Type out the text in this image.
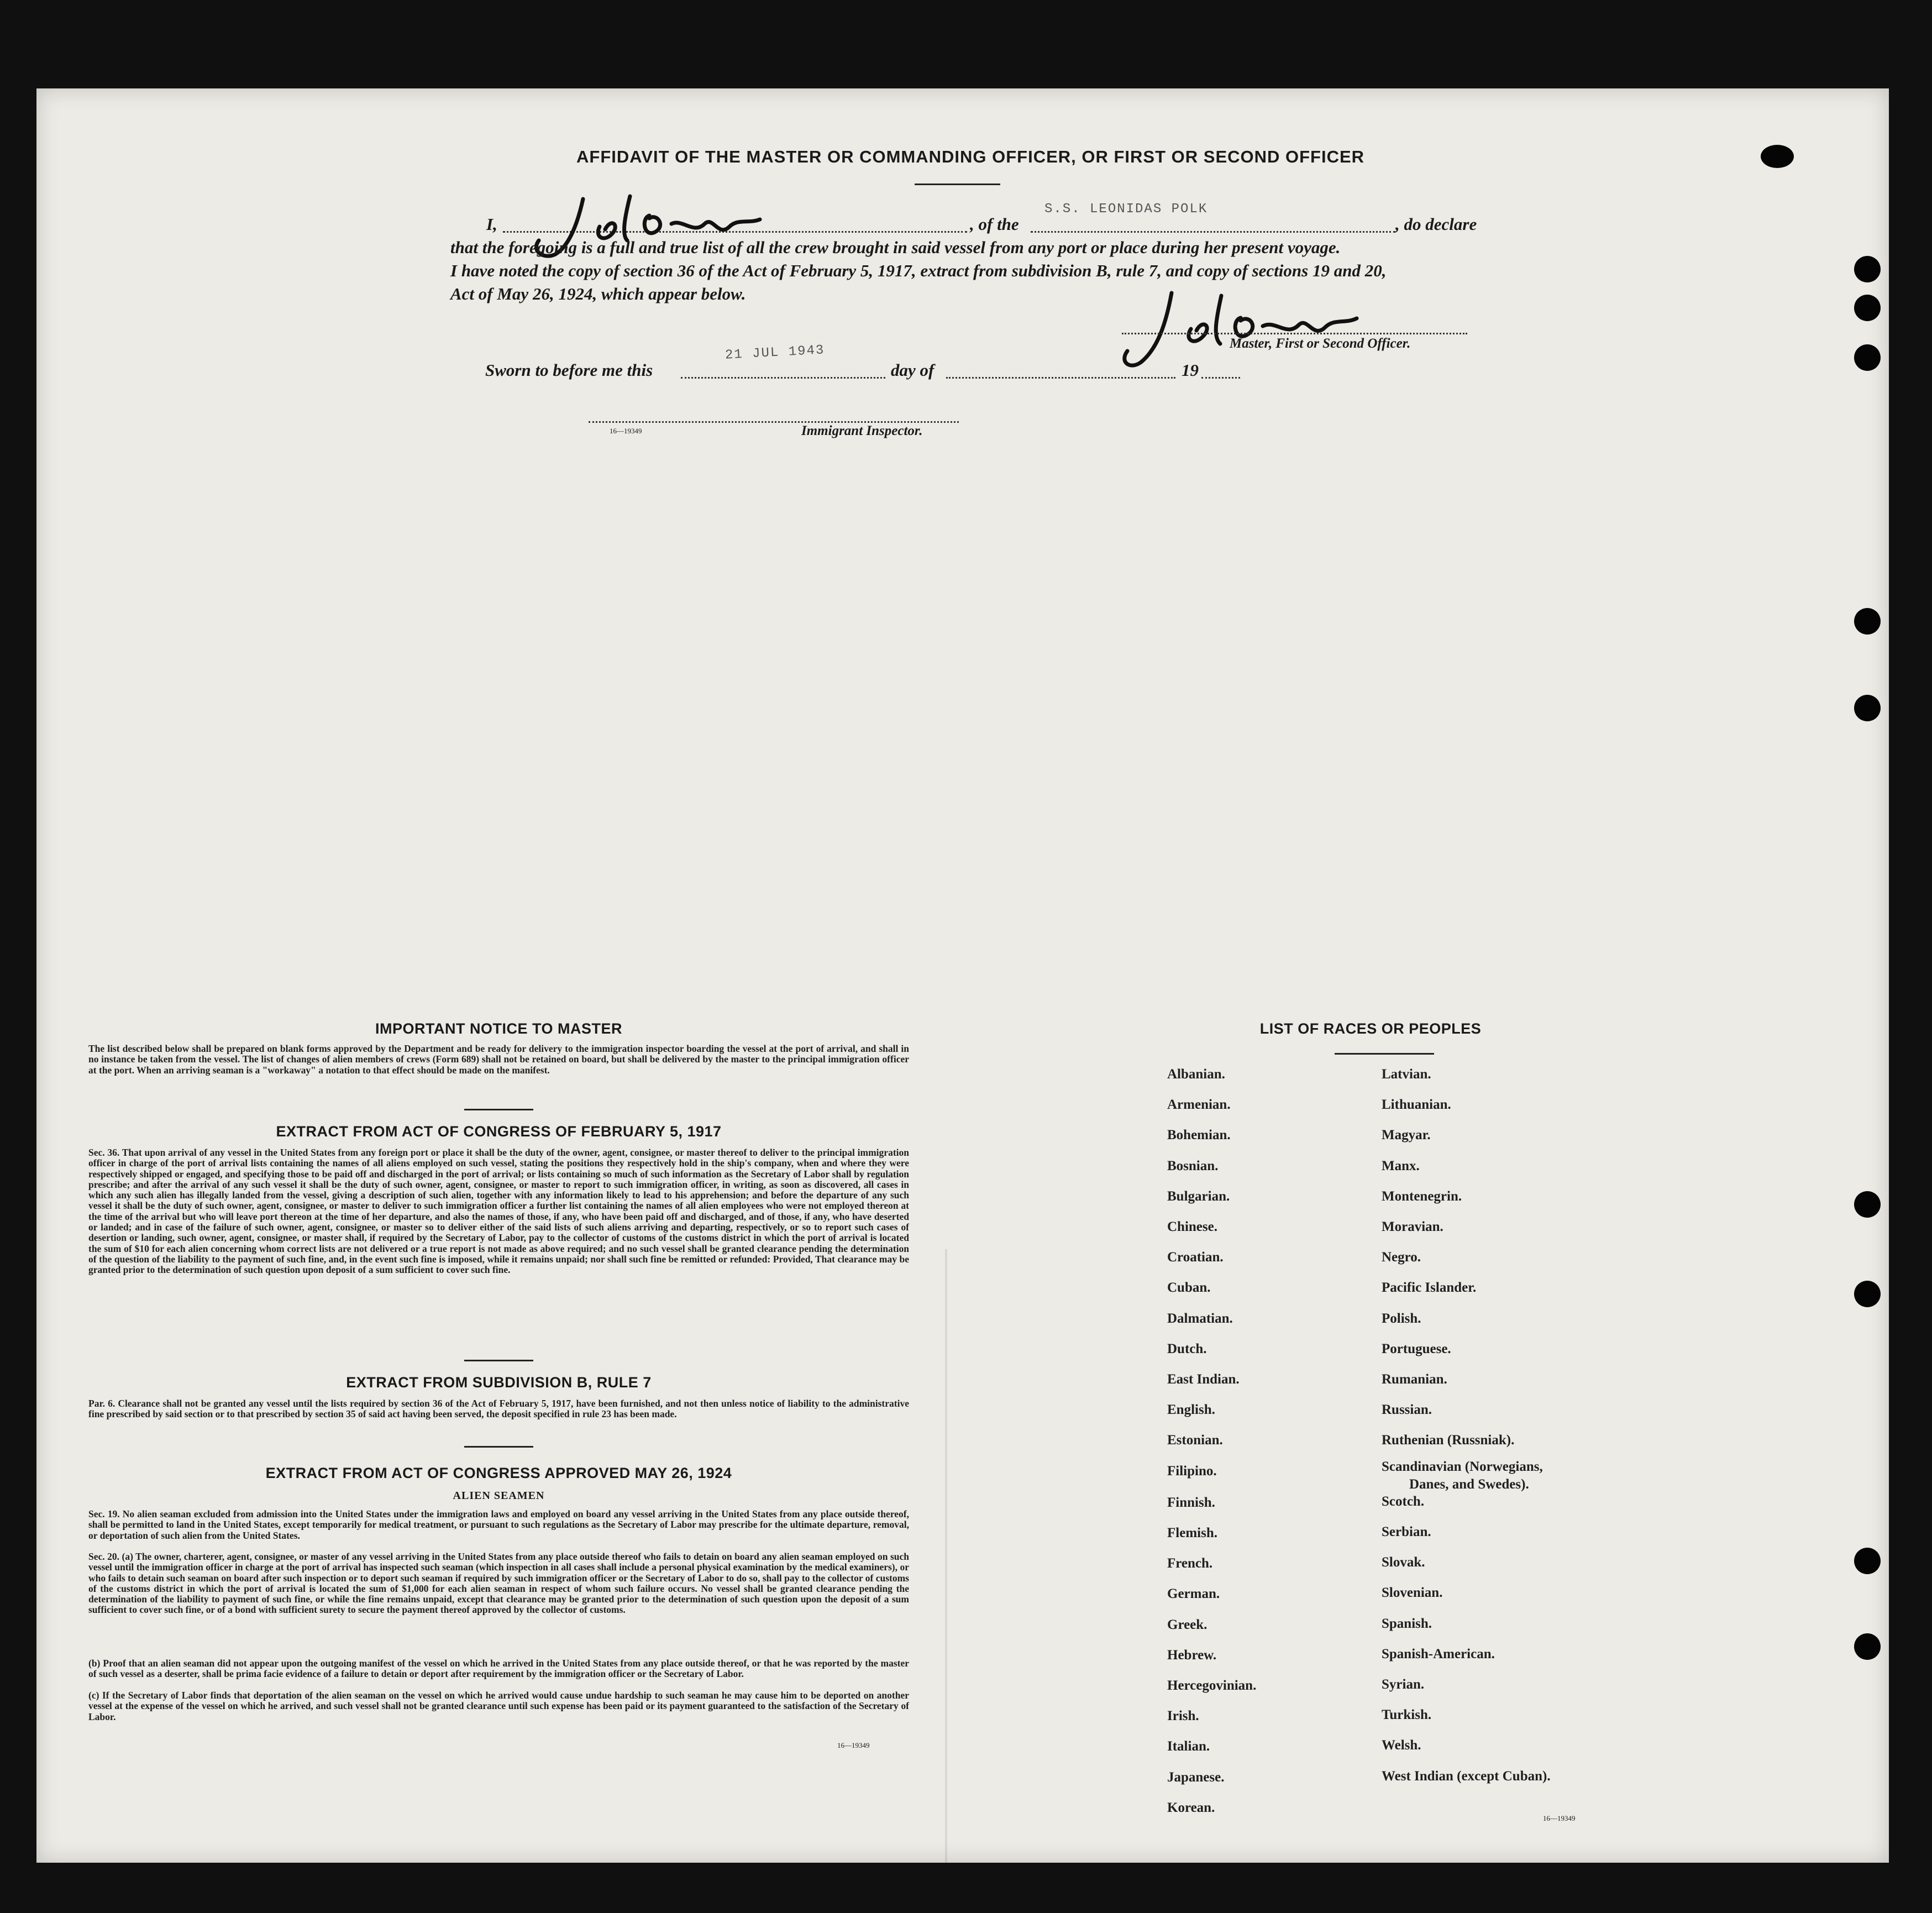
AFFIDAVIT OF THE MASTER OR COMMANDING OFFICER, OR FIRST OR SECOND OFFICER
I,	, of the
S.S. LEONIDAS POLK
, do declare
that the foregoing is a full and true list of all the crew brought in said vessel from any port or place during her present voyage.
I have noted the copy of section 36 of the Act of February 5, 1917, extract from subdivision B, rule 7, and copy of sections 19 and 20,
Act of May 26, 1924, which appear below.
Master, First or Second Officer.
Sworn to before me this
21 JUL 1943
day of	19
16—19349	Immigrant Inspector.
IMPORTANT NOTICE TO MASTER
The list described below shall be prepared on blank forms approved by the Department and be ready for delivery to the immigration inspector boarding the vessel at the port of arrival, and shall in no instance be taken from the vessel. The list of changes of alien members of crews (Form 689) shall not be retained on board, but shall be delivered by the master to the principal immigration officer at the port. When an arriving seaman is a "workaway" a notation to that effect should be made on the manifest.
EXTRACT FROM ACT OF CONGRESS OF FEBRUARY 5, 1917
Sec. 36. That upon arrival of any vessel in the United States from any foreign port or place it shall be the duty of the owner, agent, consignee, or master thereof to deliver to the principal immigration officer in charge of the port of arrival lists containing the names of all aliens employed on such vessel, stating the positions they respectively hold in the ship's company, when and where they were respectively shipped or engaged, and specifying those to be paid off and discharged in the port of arrival; or lists containing so much of such information as the Secretary of Labor shall by regulation prescribe; and after the arrival of any such vessel it shall be the duty of such owner, agent, consignee, or master to report to such immigration officer, in writing, as soon as discovered, all cases in which any such alien has illegally landed from the vessel, giving a description of such alien, together with any information likely to lead to his apprehension; and before the departure of any such vessel it shall be the duty of such owner, agent, consignee, or master to deliver to such immigration officer a further list containing the names of all alien employees who were not employed thereon at the time of the arrival but who will leave port thereon at the time of her departure, and also the names of those, if any, who have been paid off and discharged, and of those, if any, who have deserted or landed; and in case of the failure of such owner, agent, consignee, or master so to deliver either of the said lists of such aliens arriving and departing, respectively, or so to report such cases of desertion or landing, such owner, agent, consignee, or master shall, if required by the Secretary of Labor, pay to the collector of customs of the customs district in which the port of arrival is located the sum of $10 for each alien concerning whom correct lists are not delivered or a true report is not made as above required; and no such vessel shall be granted clearance pending the determination of the question of the liability to the payment of such fine, and, in the event such fine is imposed, while it remains unpaid; nor shall such fine be remitted or refunded: Provided, That clearance may be granted prior to the determination of such question upon deposit of a sum sufficient to cover such fine.
EXTRACT FROM SUBDIVISION B, RULE 7
Par. 6. Clearance shall not be granted any vessel until the lists required by section 36 of the Act of February 5, 1917, have been furnished, and not then unless notice of liability to the administrative fine prescribed by said section or to that prescribed by section 35 of said act having been served, the deposit specified in rule 23 has been made.
EXTRACT FROM ACT OF CONGRESS APPROVED MAY 26, 1924
ALIEN SEAMEN
Sec. 19. No alien seaman excluded from admission into the United States under the immigration laws and employed on board any vessel arriving in the United States from any place outside thereof, shall be permitted to land in the United States, except temporarily for medical treatment, or pursuant to such regulations as the Secretary of Labor may prescribe for the ultimate departure, removal, or deportation of such alien from the United States.
Sec. 20. (a) The owner, charterer, agent, consignee, or master of any vessel arriving in the United States from any place outside thereof who fails to detain on board any alien seaman employed on such vessel until the immigration officer in charge at the port of arrival has inspected such seaman (which inspection in all cases shall include a personal physical examination by the medical examiners), or who fails to detain such seaman on board after such inspection or to deport such seaman if required by such immigration officer or the Secretary of Labor to do so, shall pay to the collector of customs of the customs district in which the port of arrival is located the sum of $1,000 for each alien seaman in respect of whom such failure occurs. No vessel shall be granted clearance pending the determination of the liability to payment of such fine, or while the fine remains unpaid, except that clearance may be granted prior to the determination of such question upon the deposit of a sum sufficient to cover such fine, or of a bond with sufficient surety to secure the payment thereof approved by the collector of customs.
(b) Proof that an alien seaman did not appear upon the outgoing manifest of the vessel on which he arrived in the United States from any place outside thereof, or that he was reported by the master of such vessel as a deserter, shall be prima facie evidence of a failure to detain or deport after requirement by the immigration officer or the Secretary of Labor.
(c) If the Secretary of Labor finds that deportation of the alien seaman on the vessel on which he arrived would cause undue hardship to such seaman he may cause him to be deported on another vessel at the expense of the vessel on which he arrived, and such vessel shall not be granted clearance until such expense has been paid or its payment guaranteed to the satisfaction of the Secretary of Labor.
16—19349
LIST OF RACES OR PEOPLES
Albanian.
Armenian.
Bohemian.
Bosnian.
Bulgarian.
Chinese.
Croatian.
Cuban.
Dalmatian.
Dutch.
East Indian.
English.
Estonian.
Filipino.
Finnish.
Flemish.
French.
German.
Greek.
Hebrew.
Hercegovinian.
Irish.
Italian.
Japanese.
Korean.
Latvian.
Lithuanian.
Magyar.
Manx.
Montenegrin.
Moravian.
Negro.
Pacific Islander.
Polish.
Portuguese.
Rumanian.
Russian.
Ruthenian (Russniak).
Scandinavian (Norwegians,
Danes, and Swedes).
Scotch.
Serbian.
Slovak.
Slovenian.
Spanish.
Spanish-American.
Syrian.
Turkish.
Welsh.
West Indian (except Cuban).
16—19349
